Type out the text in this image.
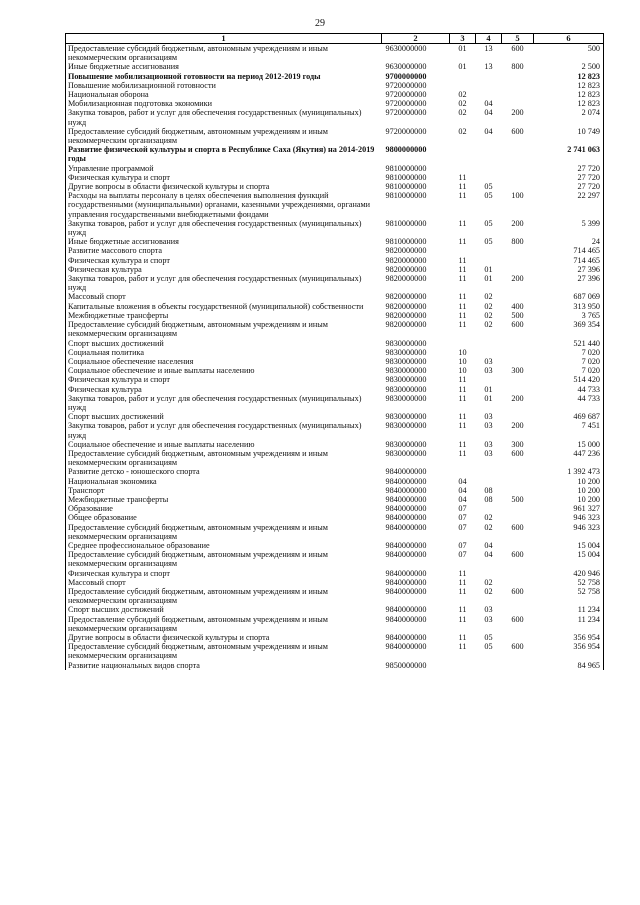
29
1	2	3	4	5	6
Предоставление субсидий бюджетным, автономным учреждениям и иным некоммерческим организациям	9630000000	01	13	600	500
Иные бюджетные ассигнования	9630000000	01	13	800	2 500
Повышение мобилизационной готовности на период 2012-2019 годы	9700000000				12 823

Повышение мобилизационной готовности	9720000000				12 823
Национальная оборона	9720000000	02			12 823
Мобилизационная подготовка экономики	9720000000	02	04		12 823
Закупка товаров, работ и услуг для обеспечения государственных (муниципальных) нужд	9720000000	02	04	200	2 074
Предоставление субсидий бюджетным, автономным учреждениям и иным некоммерческим организациям	9720000000	02	04	600	10 749
Развитие физической культуры и спорта в Республике Саха (Якутия) на 2014-2019 годы	9800000000				2 741 063
Управление программой	9810000000				27 720
Физическая культура и спорт	9810000000	11			27 720
Другие вопросы в области физической культуры и спорта	9810000000	11	05		27 720
Расходы на выплаты персоналу в целях обеспечения выполнения функций государственными (муниципальными) органами, казенными учреждениями, органами управления государственными внебюджетными фондами	9810000000	11	05	100	22 297
Закупка товаров, работ и услуг для обеспечения государственных (муниципальных) нужд	9810000000	11	05	200	5 399
Иные бюджетные ассигнования	9810000000	11	05	800	24
Развитие массового спорта	9820000000				714 465
Физическая культура и спорт	9820000000	11			714 465
Физическая культура	9820000000	11	01		27 396
Закупка товаров, работ и услуг для обеспечения государственных (муниципальных) нужд	9820000000	11	01	200	27 396
Массовый спорт	9820000000	11	02		687 069
Капитальные вложения в объекты государственной (муниципальной) собственности	9820000000	11	02	400	313 950
Межбюджетные трансферты	9820000000	11	02	500	3 765
Предоставление субсидий бюджетным, автономным учреждениям и иным некоммерческим организациям	9820000000	11	02	600	369 354
Спорт высших достижений	9830000000				521 440
Социальная политика	9830000000	10			7 020
Социальное обеспечение населения	9830000000	10	03		7 020
Социальное обеспечение и иные выплаты населению	9830000000	10	03	300	7 020
Физическая культура и спорт	9830000000	11			514 420
Физическая культура	9830000000	11	01		44 733
Закупка товаров, работ и услуг для обеспечения государственных (муниципальных) нужд	9830000000	11	01	200	44 733
Спорт высших достижений	9830000000	11	03		469 687
Закупка товаров, работ и услуг для обеспечения государственных (муниципальных) нужд	9830000000	11	03	200	7 451
Социальное обеспечение и иные выплаты населению	9830000000	11	03	300	15 000
Предоставление субсидий бюджетным, автономным учреждениям и иным некоммерческим организациям	9830000000	11	03	600	447 236
Развитие детско - юношеского спорта	9840000000				1 392 473
Национальная экономика	9840000000	04			10 200
Транспорт	9840000000	04	08		10 200
Межбюджетные трансферты	9840000000	04	08	500	10 200
Образование	9840000000	07			961 327
Общее образование	9840000000	07	02		946 323
Предоставление субсидий бюджетным, автономным учреждениям и иным некоммерческим организациям	9840000000	07	02	600	946 323
Среднее профессиональное образование	9840000000	07	04		15 004
Предоставление субсидий бюджетным, автономным учреждениям и иным некоммерческим организациям	9840000000	07	04	600	15 004
Физическая культура и спорт	9840000000	11			420 946
Массовый спорт	9840000000	11	02		52 758
Предоставление субсидий бюджетным, автономным учреждениям и иным некоммерческим организациям	9840000000	11	02	600	52 758
Спорт высших достижений	9840000000	11	03		11 234
Предоставление субсидий бюджетным, автономным учреждениям и иным некоммерческим организациям	9840000000	11	03	600	11 234
Другие вопросы в области физической культуры и спорта	9840000000	11	05		356 954
Предоставление субсидий бюджетным, автономным учреждениям и иным некоммерческим организациям	9840000000	11	05	600	356 954
Развитие национальных видов спорта	9850000000				84 965
